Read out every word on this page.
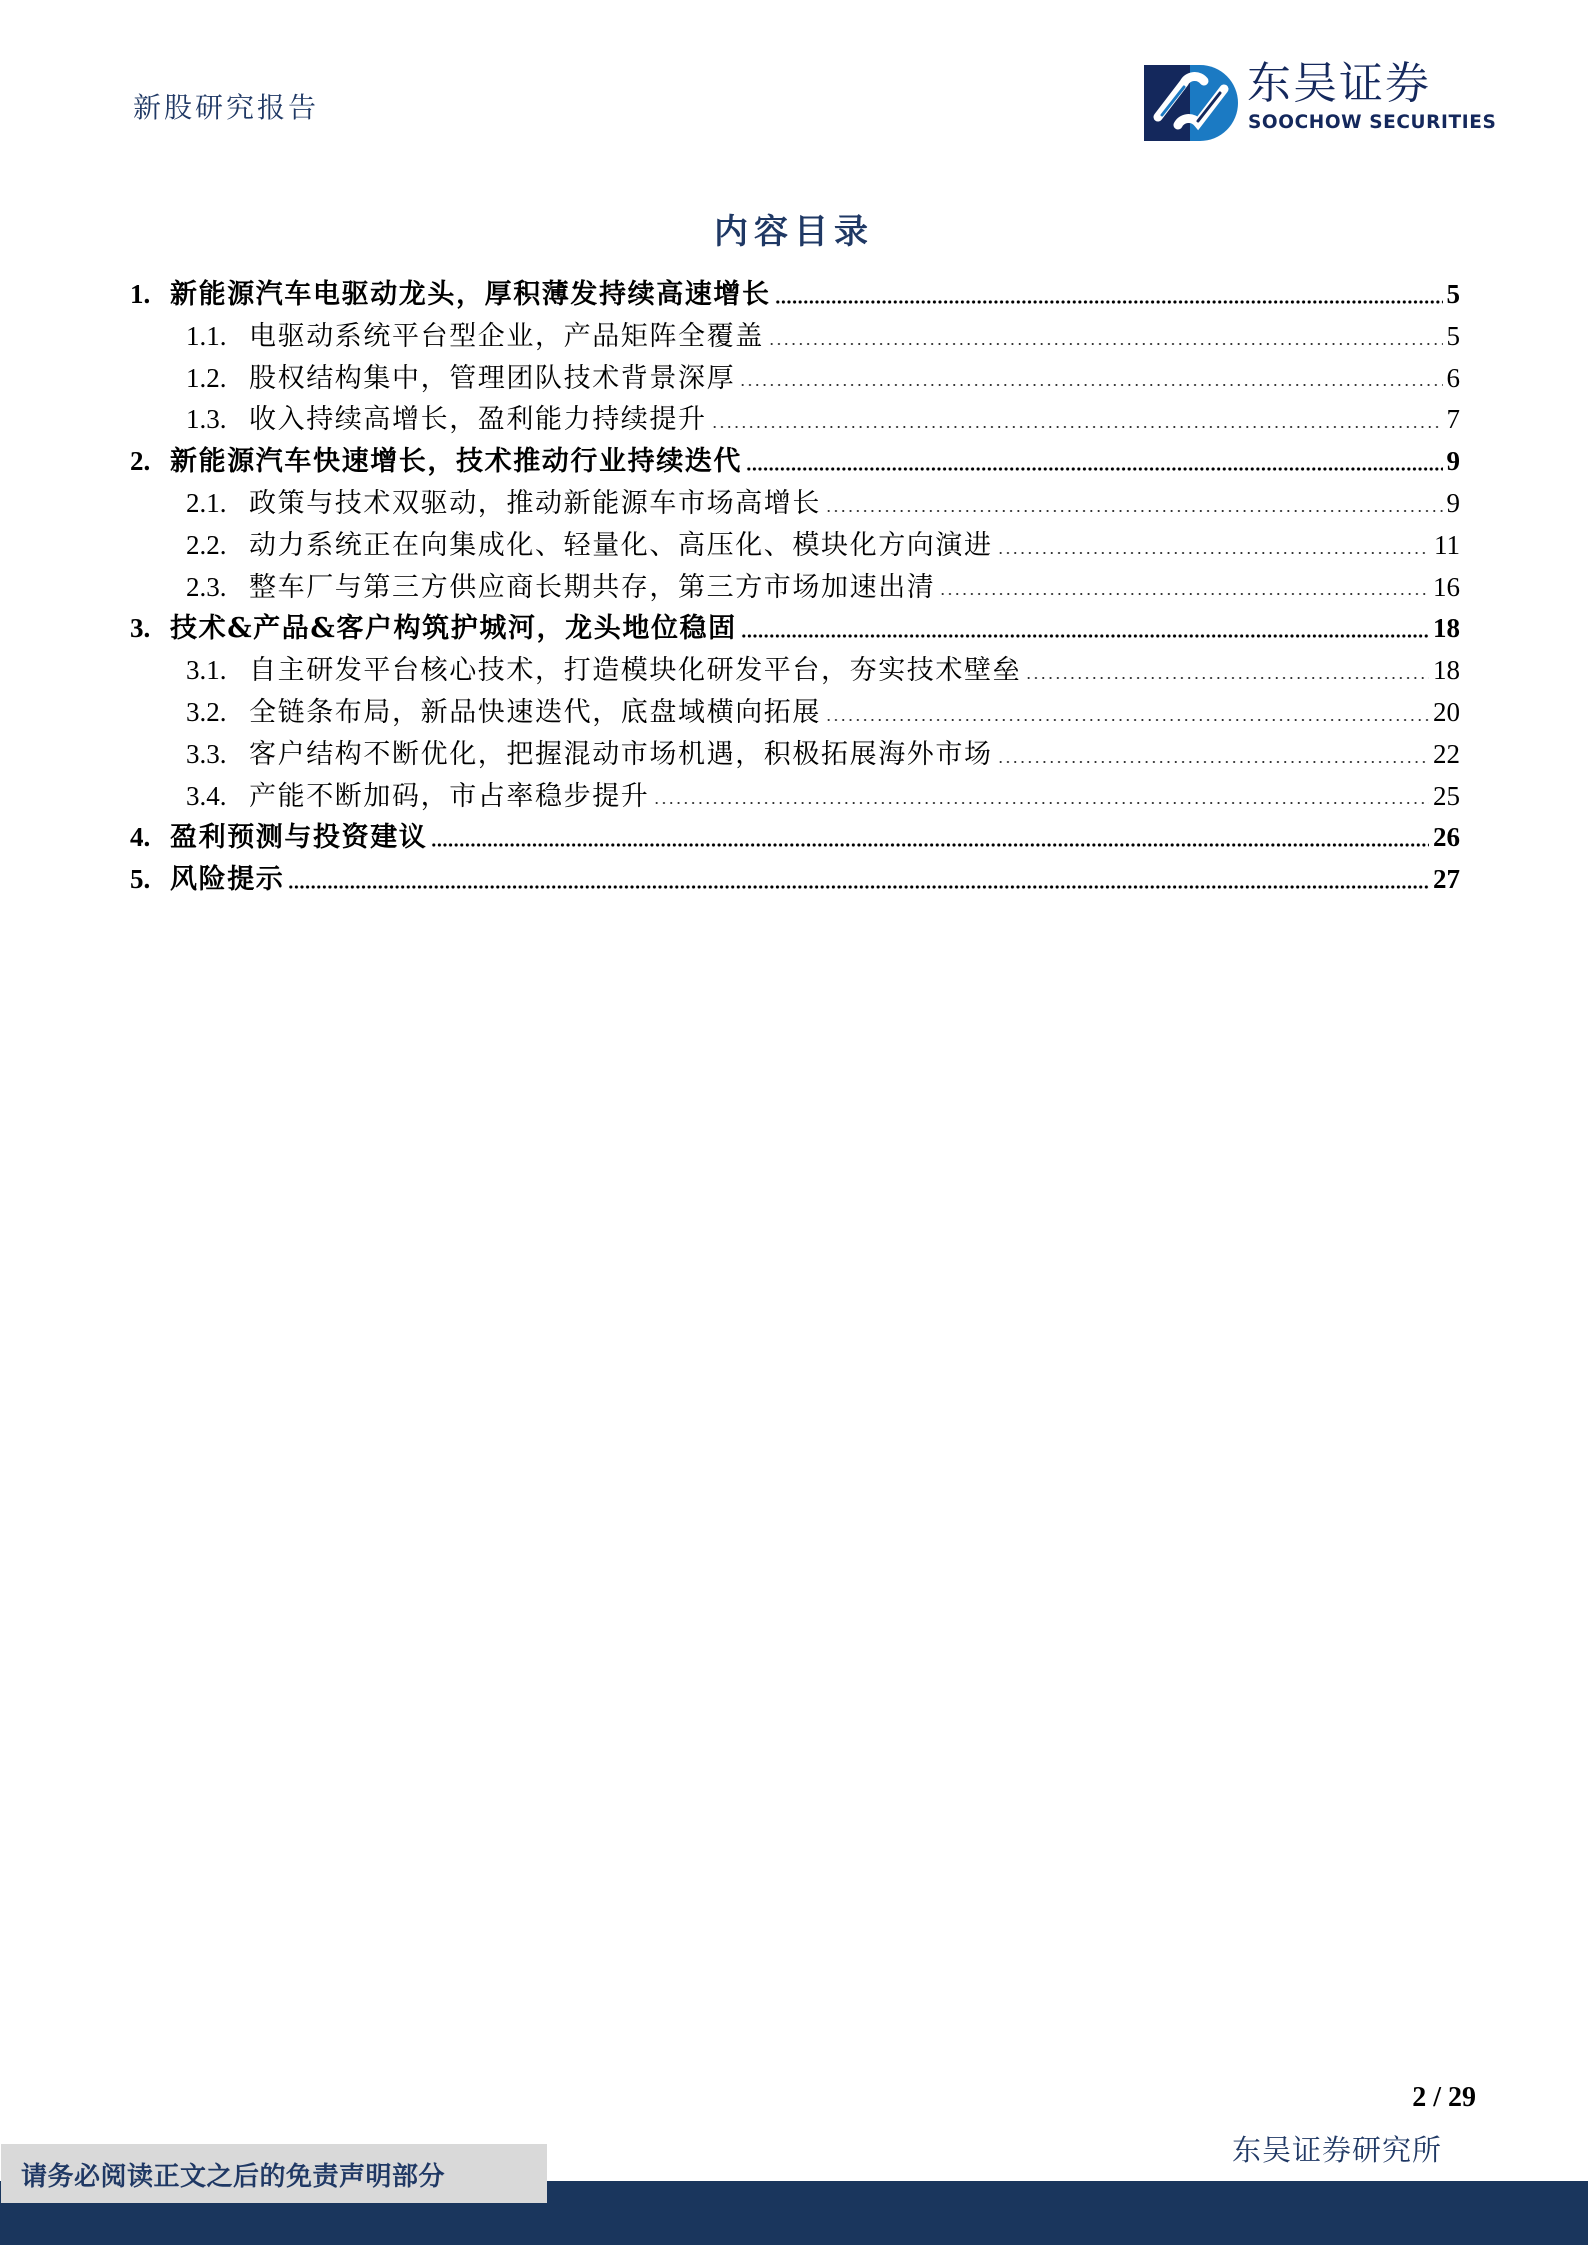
新股研究报告	东吴证券
SOOCHOW SECURITIES
内容目录
1. 新能源汽车电驱动龙头，厚积薄发持续高速增长	5
1.1. 电驱动系统平台型企业，产品矩阵全覆盖	5
1.2. 股权结构集中，管理团队技术背景深厚	6
1.3. 收入持续高增长，盈利能力持续提升	7
2. 新能源汽车快速增长，技术推动行业持续迭代	9
2.1. 政策与技术双驱动，推动新能源车市场高增长	9
2.2. 动力系统正在向集成化、轻量化、高压化、模块化方向演进	11
2.3. 整车厂与第三方供应商长期共存，第三方市场加速出清	16
3. 技术&产品&客户构筑护城河，龙头地位稳固	18
3.1. 自主研发平台核心技术，打造模块化研发平台，夯实技术壁垒	18
3.2. 全链条布局，新品快速迭代，底盘域横向拓展	20
3.3. 客户结构不断优化，把握混动市场机遇，积极拓展海外市场	22
3.4. 产能不断加码，市占率稳步提升	25
4. 盈利预测与投资建议	26
5. 风险提示	27
2 / 29
东吴证券研究所
请务必阅读正文之后的免责声明部分
